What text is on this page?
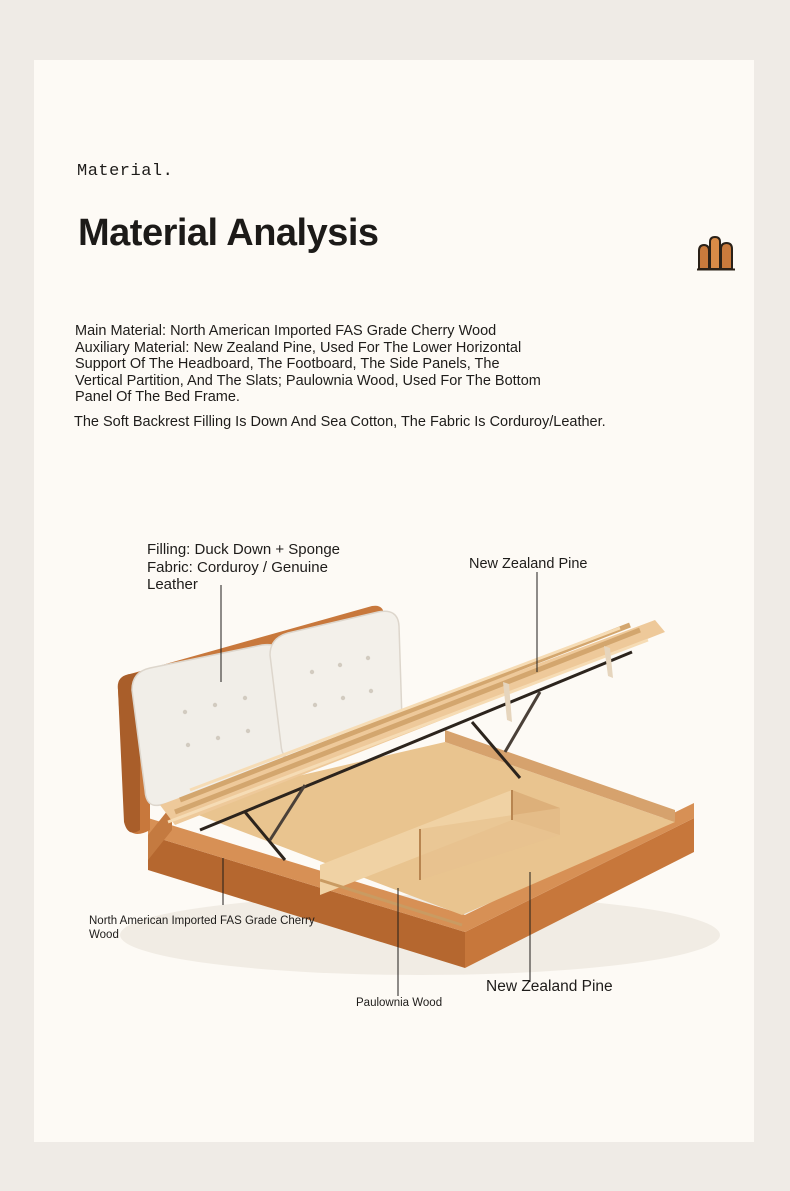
Material.
Material Analysis
Main Material: North American Imported FAS Grade Cherry Wood Auxiliary Material: New Zealand Pine, Used For The Lower Horizontal Support Of The Headboard, The Footboard, The Side Panels, The Vertical Partition, And The Slats; Paulownia Wood, Used For The Bottom Panel Of The Bed Frame.
The Soft Backrest Filling Is Down And Sea Cotton, The Fabric Is Corduroy/Leather.
Filling: Duck Down + Sponge Fabric: Corduroy / Genuine Leather
New Zealand Pine
North American Imported FAS Grade Cherry Wood
New Zealand Pine
Paulownia Wood
